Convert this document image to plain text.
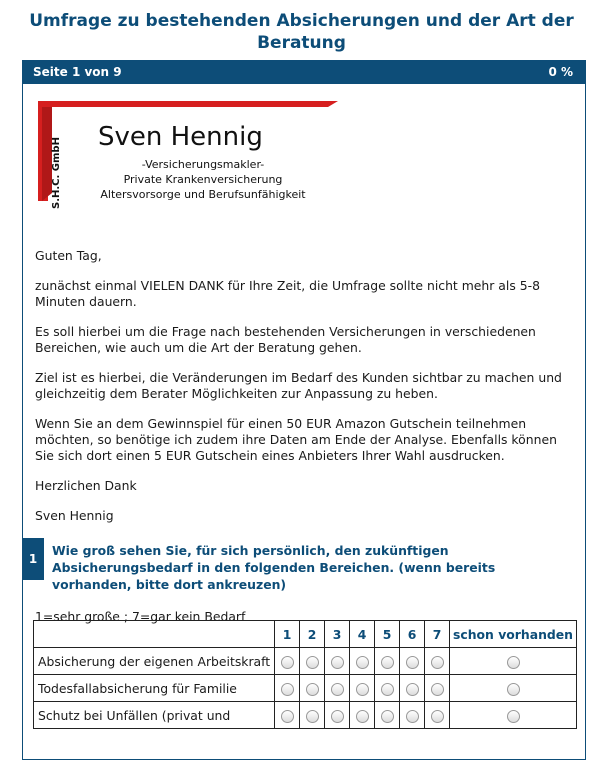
Umfrage zu bestehenden Absicherungen und der Art der Beratung
Seite 1 von 9	0 %
S.H.C. GmbH
Sven Hennig
-Versicherungsmakler-
Private Krankenversicherung
Altersvorsorge und Berufsunfähigkeit

Guten Tag,

zunächst einmal VIELEN DANK für Ihre Zeit, die Umfrage sollte nicht mehr als 5-8 Minuten dauern.

Es soll hierbei um die Frage nach bestehenden Versicherungen in verschiedenen Bereichen, wie auch um die Art der Beratung gehen.

Ziel ist es hierbei, die Veränderungen im Bedarf des Kunden sichtbar zu machen und gleichzeitig dem Berater Möglichkeiten zur Anpassung zu heben.

Wenn Sie an dem Gewinnspiel für einen 50 EUR Amazon Gutschein teilnehmen möchten, so benötige ich zudem ihre Daten am Ende der Analyse. Ebenfalls können Sie sich dort einen 5 EUR Gutschein eines Anbieters Ihrer Wahl ausdrucken.

Herzlichen Dank

Sven Hennig

1
Wie groß sehen Sie, für sich persönlich, den zukünftigen Absicherungsbedarf in den folgenden Bereichen. (wenn bereits vorhanden, bitte dort ankreuzen)
1=sehr große ; 7=gar kein Bedarf
	1	2	3	4	5	6	7	schon vorhanden
Absicherung der eigenen Arbeitskraft								
Todesfallabsicherung für Familie								
Schutz bei Unfällen (privat und								
